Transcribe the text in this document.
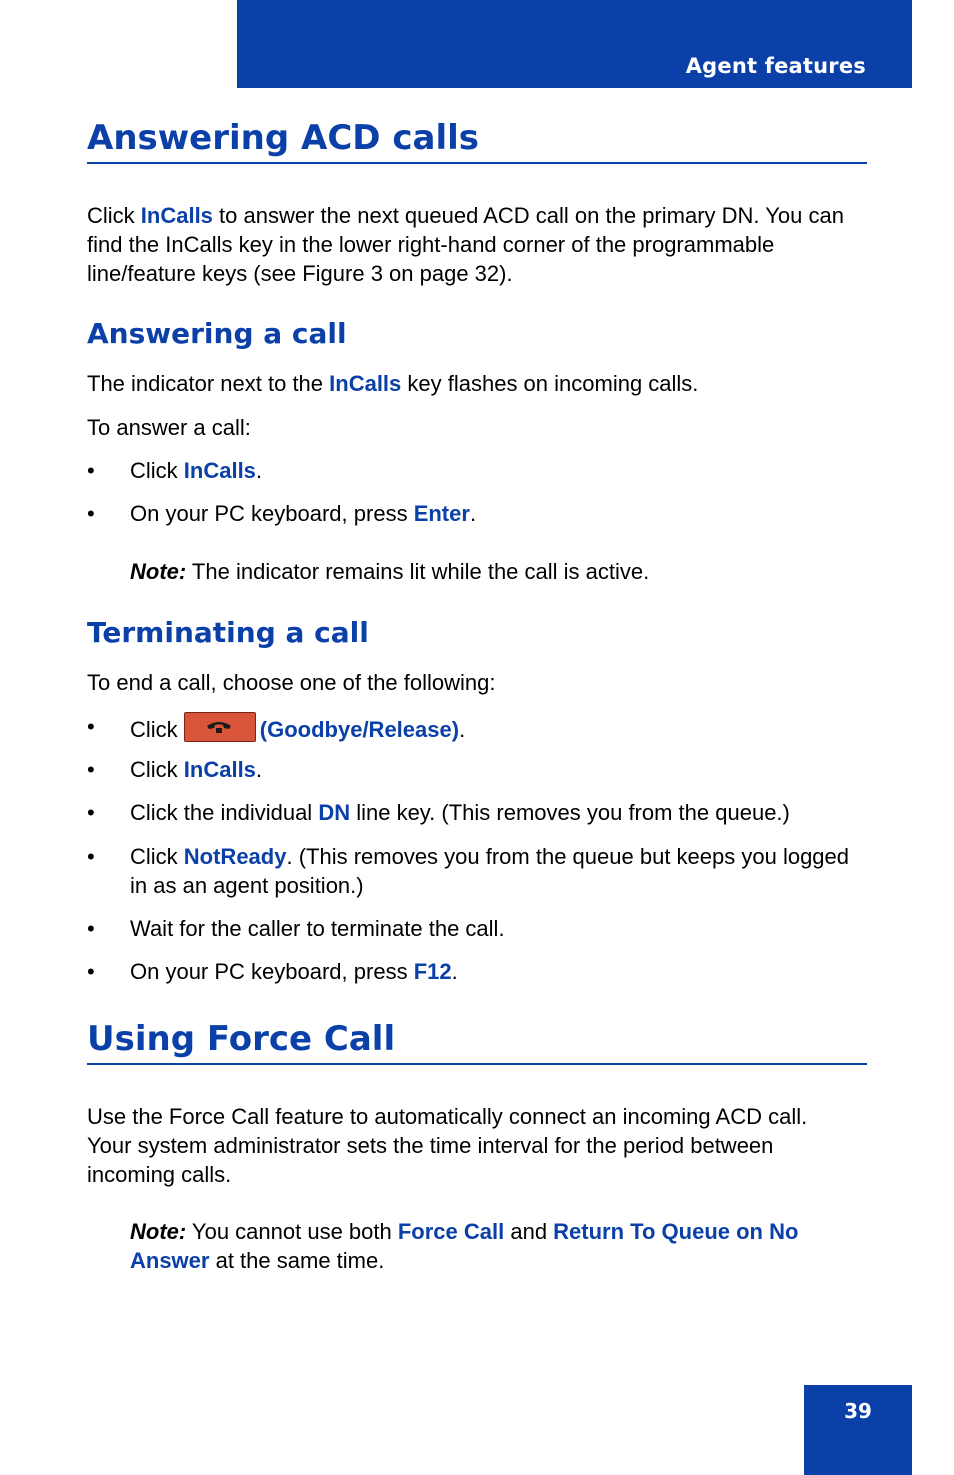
Agent features
Answering ACD calls
Click InCalls to answer the next queued ACD call on the primary DN. You can find the InCalls key in the lower right-hand corner of the programmable line/feature keys (see Figure 3 on page 32).
Answering a call
The indicator next to the InCalls key flashes on incoming calls.
To answer a call:
• Click InCalls.
• On your PC keyboard, press Enter.
Note: The indicator remains lit while the call is active.
Terminating a call
To end a call, choose one of the following:
• Click	(Goodbye/Release).
• Click InCalls.
• Click the individual DN line key. (This removes you from the queue.)
• Click NotReady. (This removes you from the queue but keeps you logged in as an agent position.)
• Wait for the caller to terminate the call.
• On your PC keyboard, press F12.
Using Force Call
Use the Force Call feature to automatically connect an incoming ACD call. Your system administrator sets the time interval for the period between incoming calls.
Note: You cannot use both Force Call and Return To Queue on No Answer at the same time.
39
